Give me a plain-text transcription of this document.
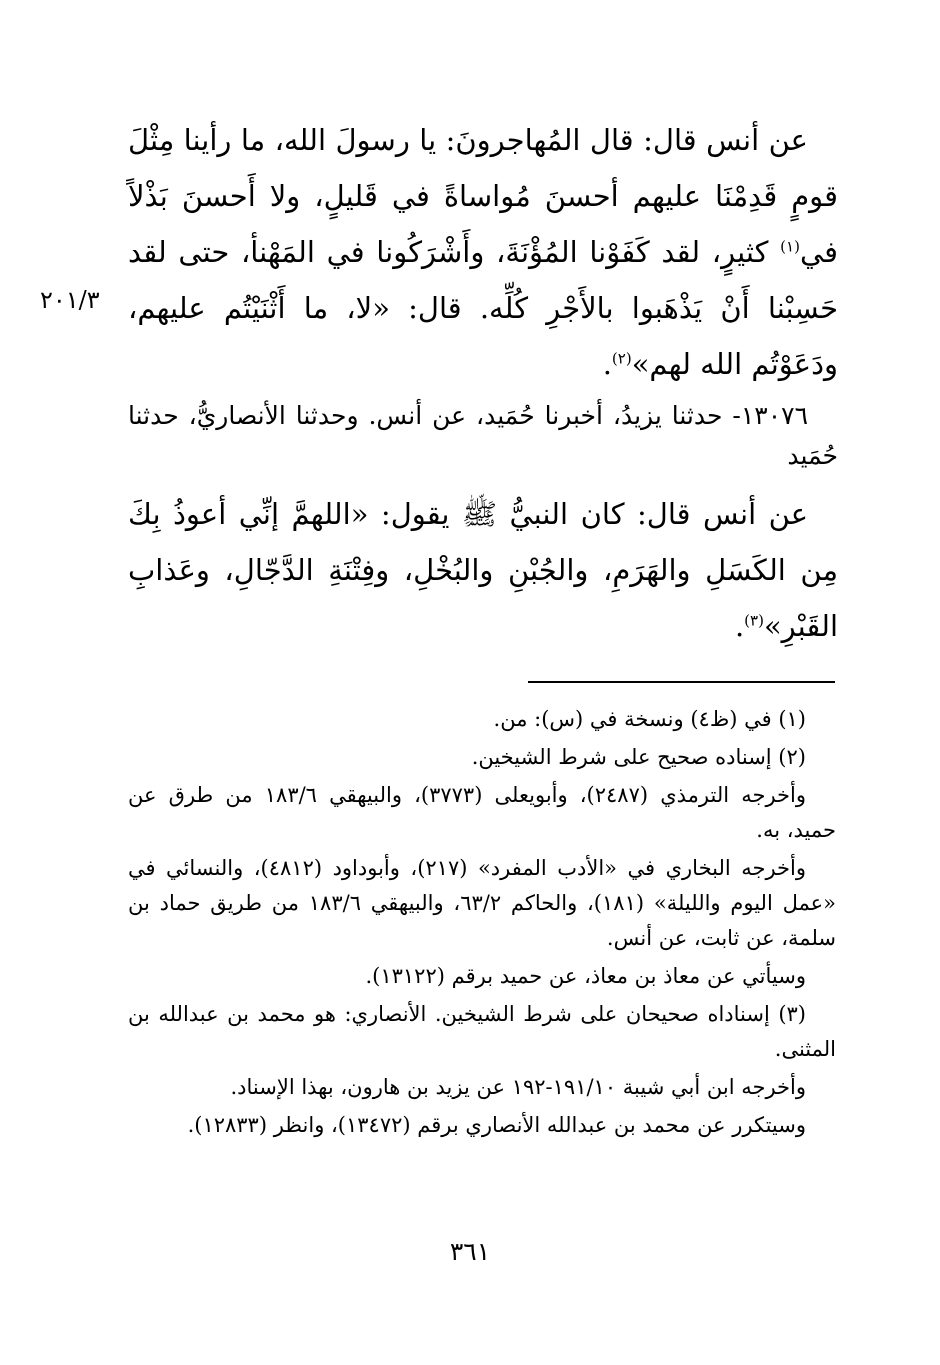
عن أنس قال: قال المُهاجرونَ: يا رسولَ الله، ما رأينا مِثْلَ قومٍ قَدِمْنَا عليهم أحسنَ مُواساةً في قَليلٍ، ولا أَحسنَ بَذْلاً في$^{(١)}$ كثيرٍ، لقد كَفَوْنا المُؤْنَةَ، وأَشْرَكُونا في المَهْنأ، حتى لقد حَسِبْنا أَنْ يَذْهَبوا بالأَجْرِ كُلِّه. قال: «لا، ما أَثْنَيْتُم عليهم، ودَعَوْتُم الله لهم»$^{(٢)}$.

١٣٠٧٦- حدثنا يزيدُ، أخبرنا حُمَيد، عن أنس. وحدثنا الأنصاريُّ، حدثنا حُمَيد

عن أنس قال: كان النبيُّ ﷺ يقول: «اللهمَّ إنِّي أعوذُ بِكَ مِن الكَسَلِ والهَرَمِ، والجُبْنِ والبُخْلِ، وفِتْنَةِ الدَّجّالِ، وعَذابِ القَبْرِ»$^{(٣)}$.

٢٠١/٣

(١) في (ظ٤) ونسخة في (س): من.

(٢) إسناده صحيح على شرط الشيخين.

وأخرجه الترمذي (٢٤٨٧)، وأبويعلى (٣٧٧٣)، والبيهقي ١٨٣/٦ من طرق عن حميد، به.

وأخرجه البخاري في «الأدب المفرد» (٢١٧)، وأبوداود (٤٨١٢)، والنسائي في «عمل اليوم والليلة» (١٨١)، والحاكم ٦٣/٢، والبيهقي ١٨٣/٦ من طريق حماد بن سلمة، عن ثابت، عن أنس.

وسيأتي عن معاذ بن معاذ، عن حميد برقم (١٣١٢٢).

(٣) إسناداه صحيحان على شرط الشيخين. الأنصاري: هو محمد بن عبدالله بن المثنى.

وأخرجه ابن أبي شيبة ١٩١/١٠-١٩٢ عن يزيد بن هارون، بهذا الإسناد.

وسيتكرر عن محمد بن عبدالله الأنصاري برقم (١٣٤٧٢)، وانظر (١٢٨٣٣).

٣٦١
